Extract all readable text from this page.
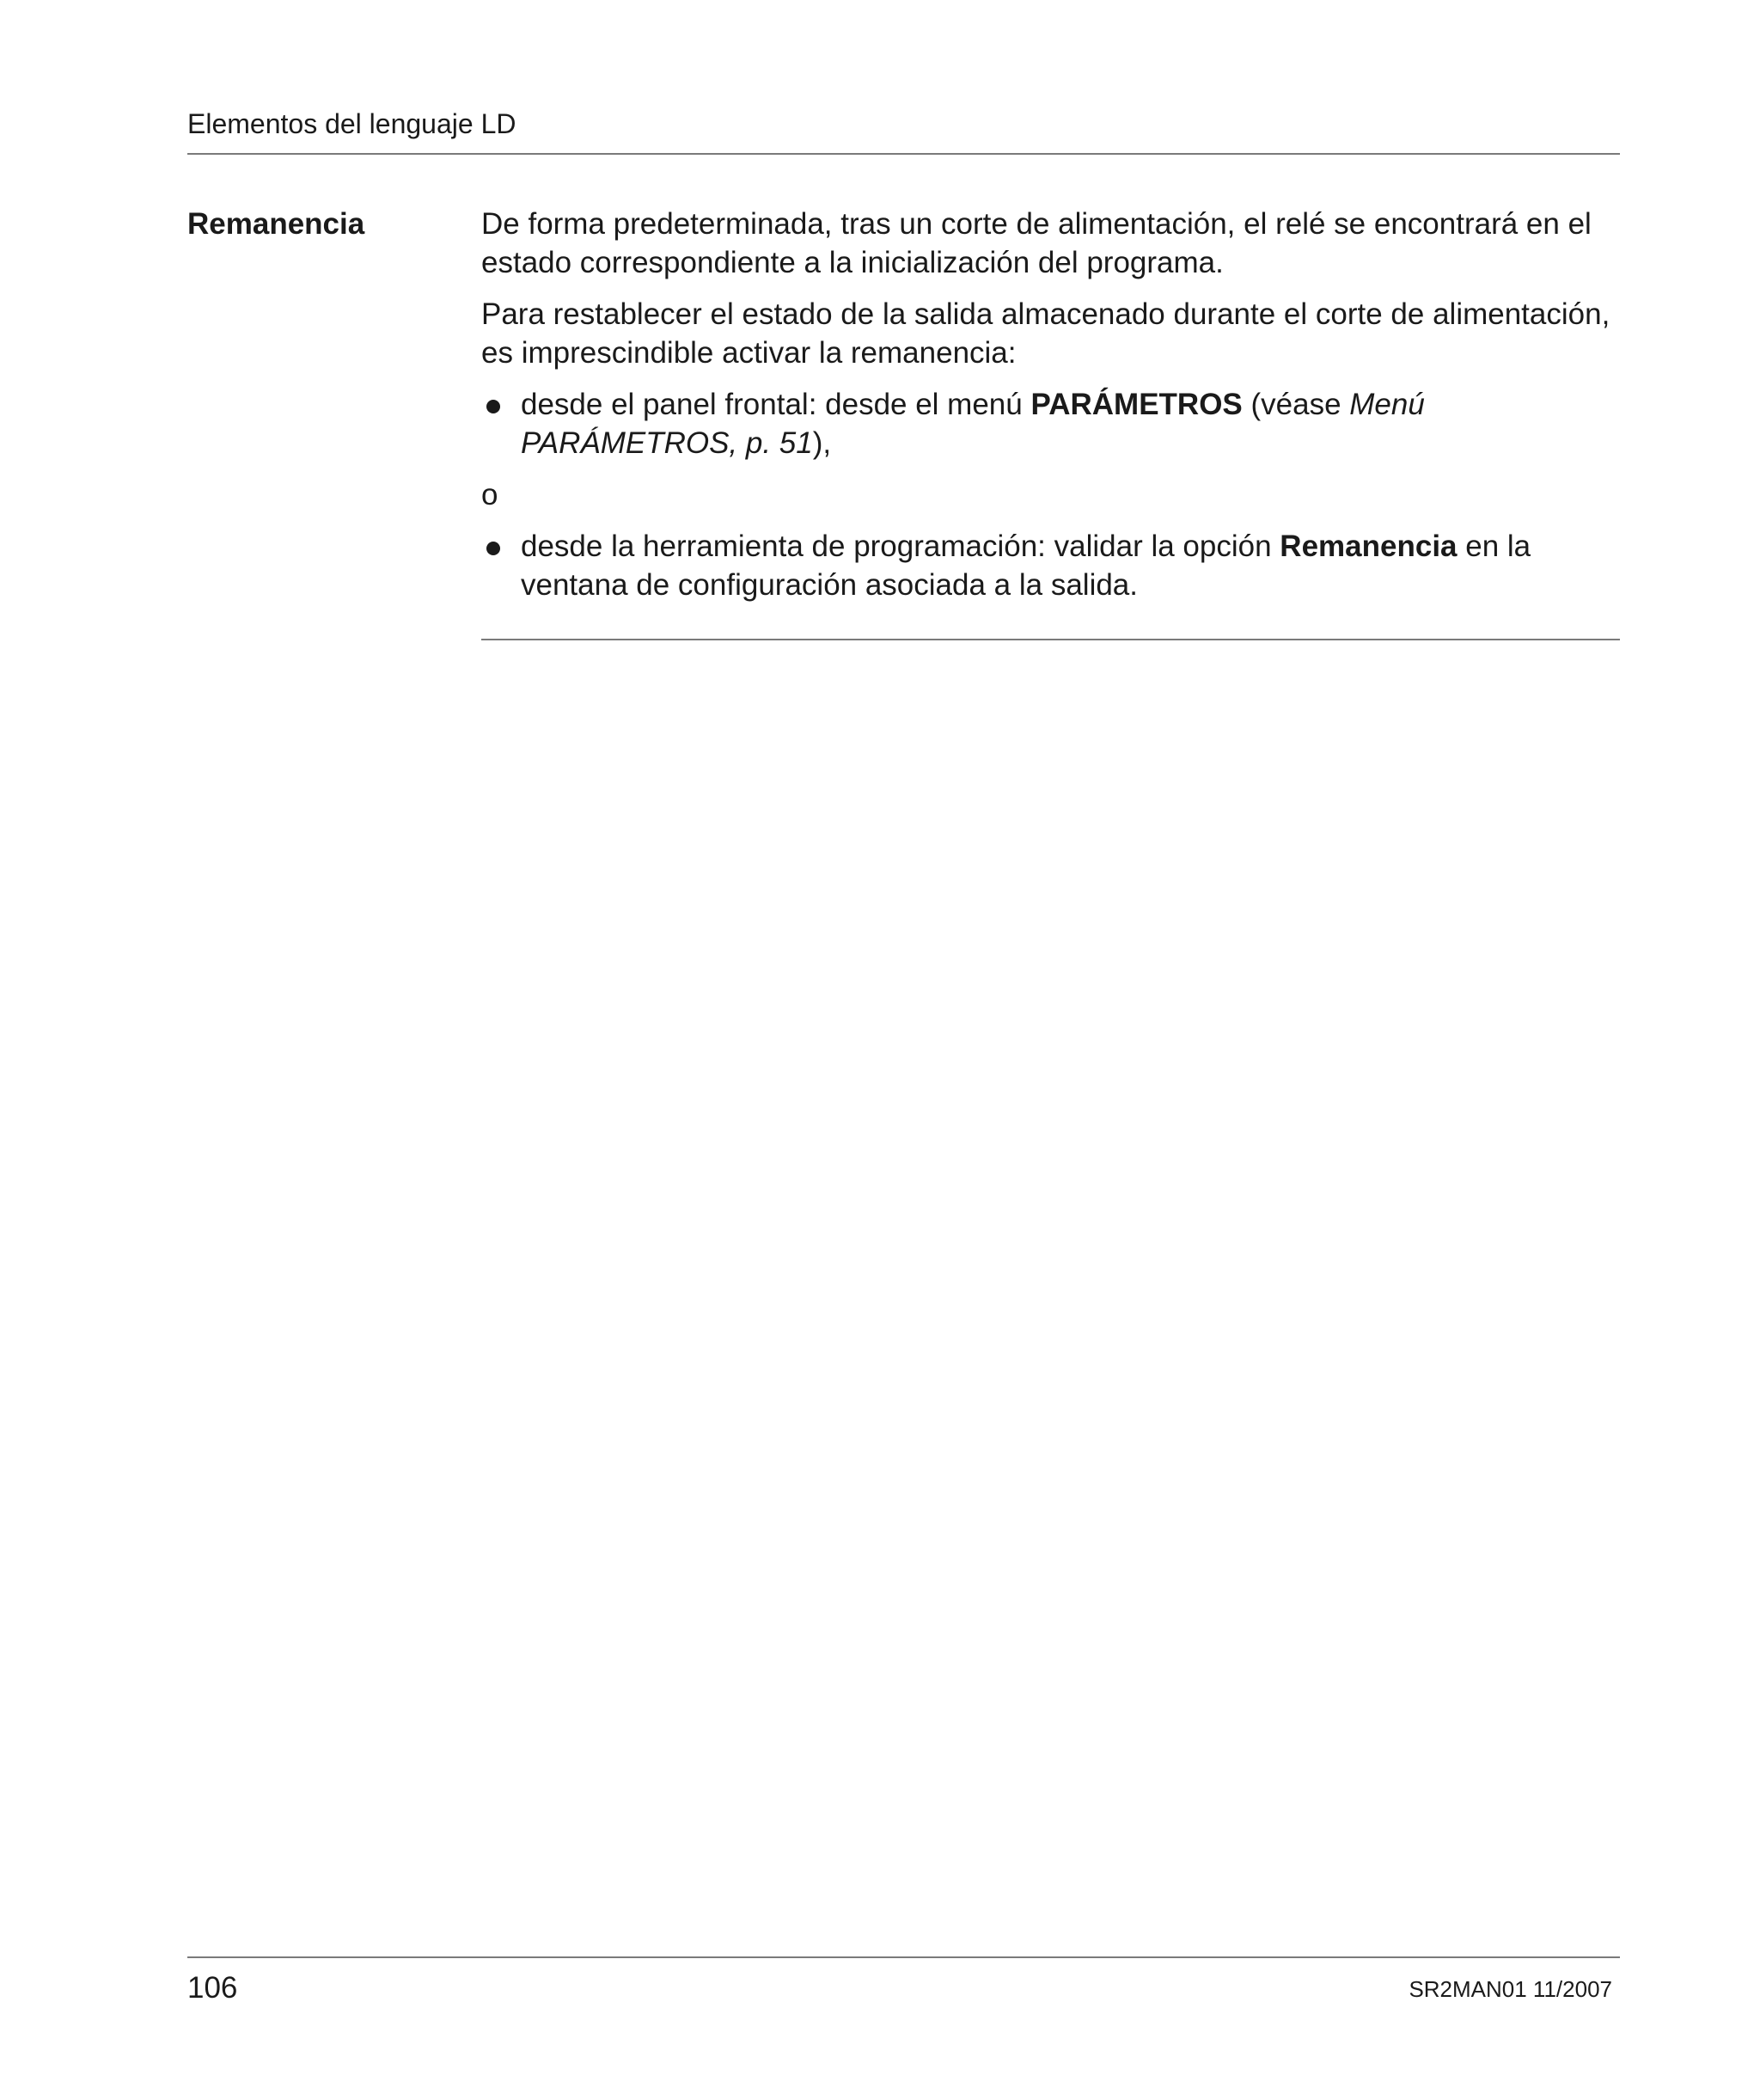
Elementos del lenguaje LD
Remanencia	De forma predeterminada, tras un corte de alimentación, el relé se encontrará en el estado correspondiente a la inicialización del programa.

Para restablecer el estado de la salida almacenado durante el corte de alimentación, es imprescindible activar la remanencia:

desde el panel frontal: desde el menú PARÁMETROS (véase Menú PARÁMETROS, p. 51),

o

desde la herramienta de programación: validar la opción Remanencia en la ventana de configuración asociada a la salida.
106	SR2MAN01 11/2007
